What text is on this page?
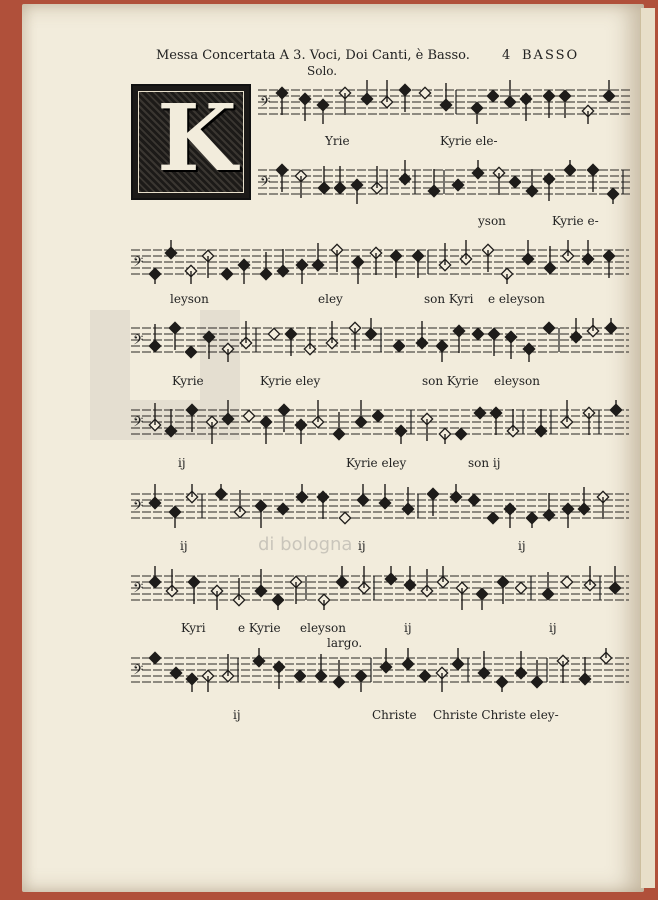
Messa Concertata A 3. Voci, Doi Canti, è Basso. 4 BASSO
Solo.
K
di bologna
largo.
𝄢
Yrie	Kyrie ele-
𝄢
yson	Kyrie e-
𝄢
leyson	eley	son Kyri e eleyson
𝄢
Kyrie	Kyrie eley	son Kyrie eleyson
𝄢
ij	Kyrie eley	son ij
𝄢
ij	ij	ij
𝄢
Kyri	e Kyrie eleyson	ij	ij
𝄢
ij	Christe Christe Christe eley-
